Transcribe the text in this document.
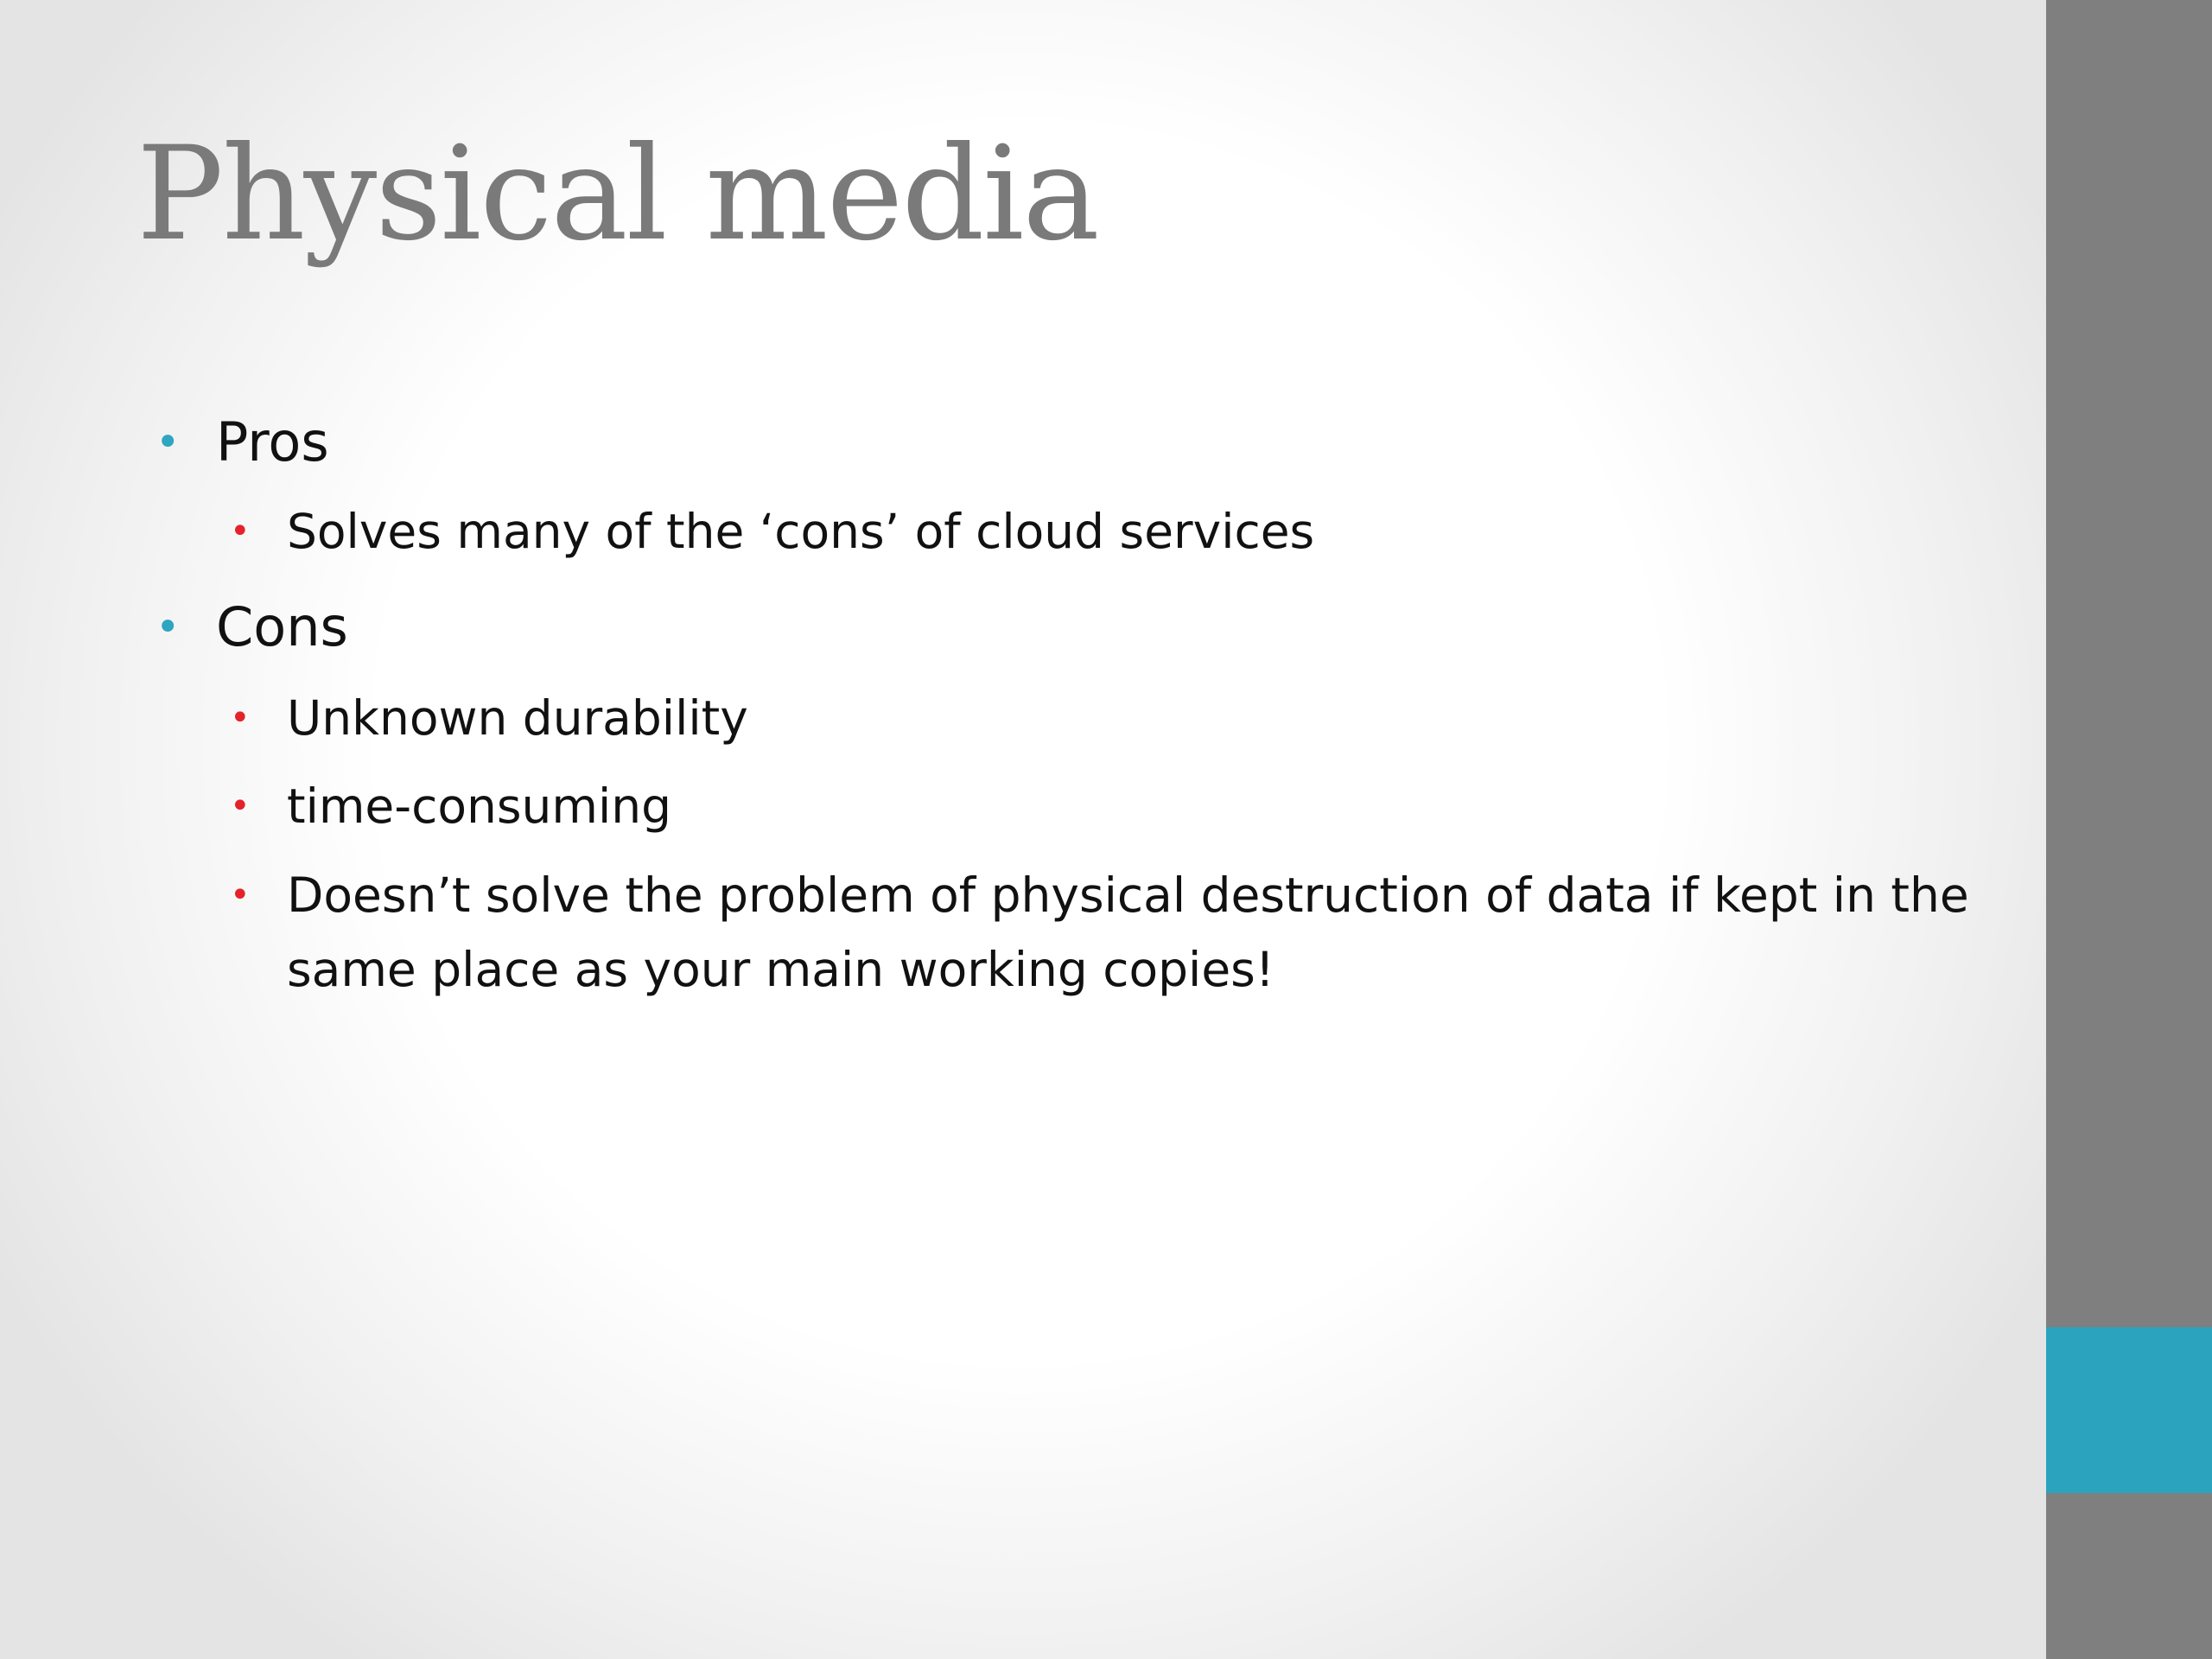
Physical media
• Pros
• Solves many of the ‘cons’ of cloud services
• Cons
• Unknown durability
• time-consuming
• Doesn’t solve the problem of physical destruction of data if kept in the same place as your main working copies!
